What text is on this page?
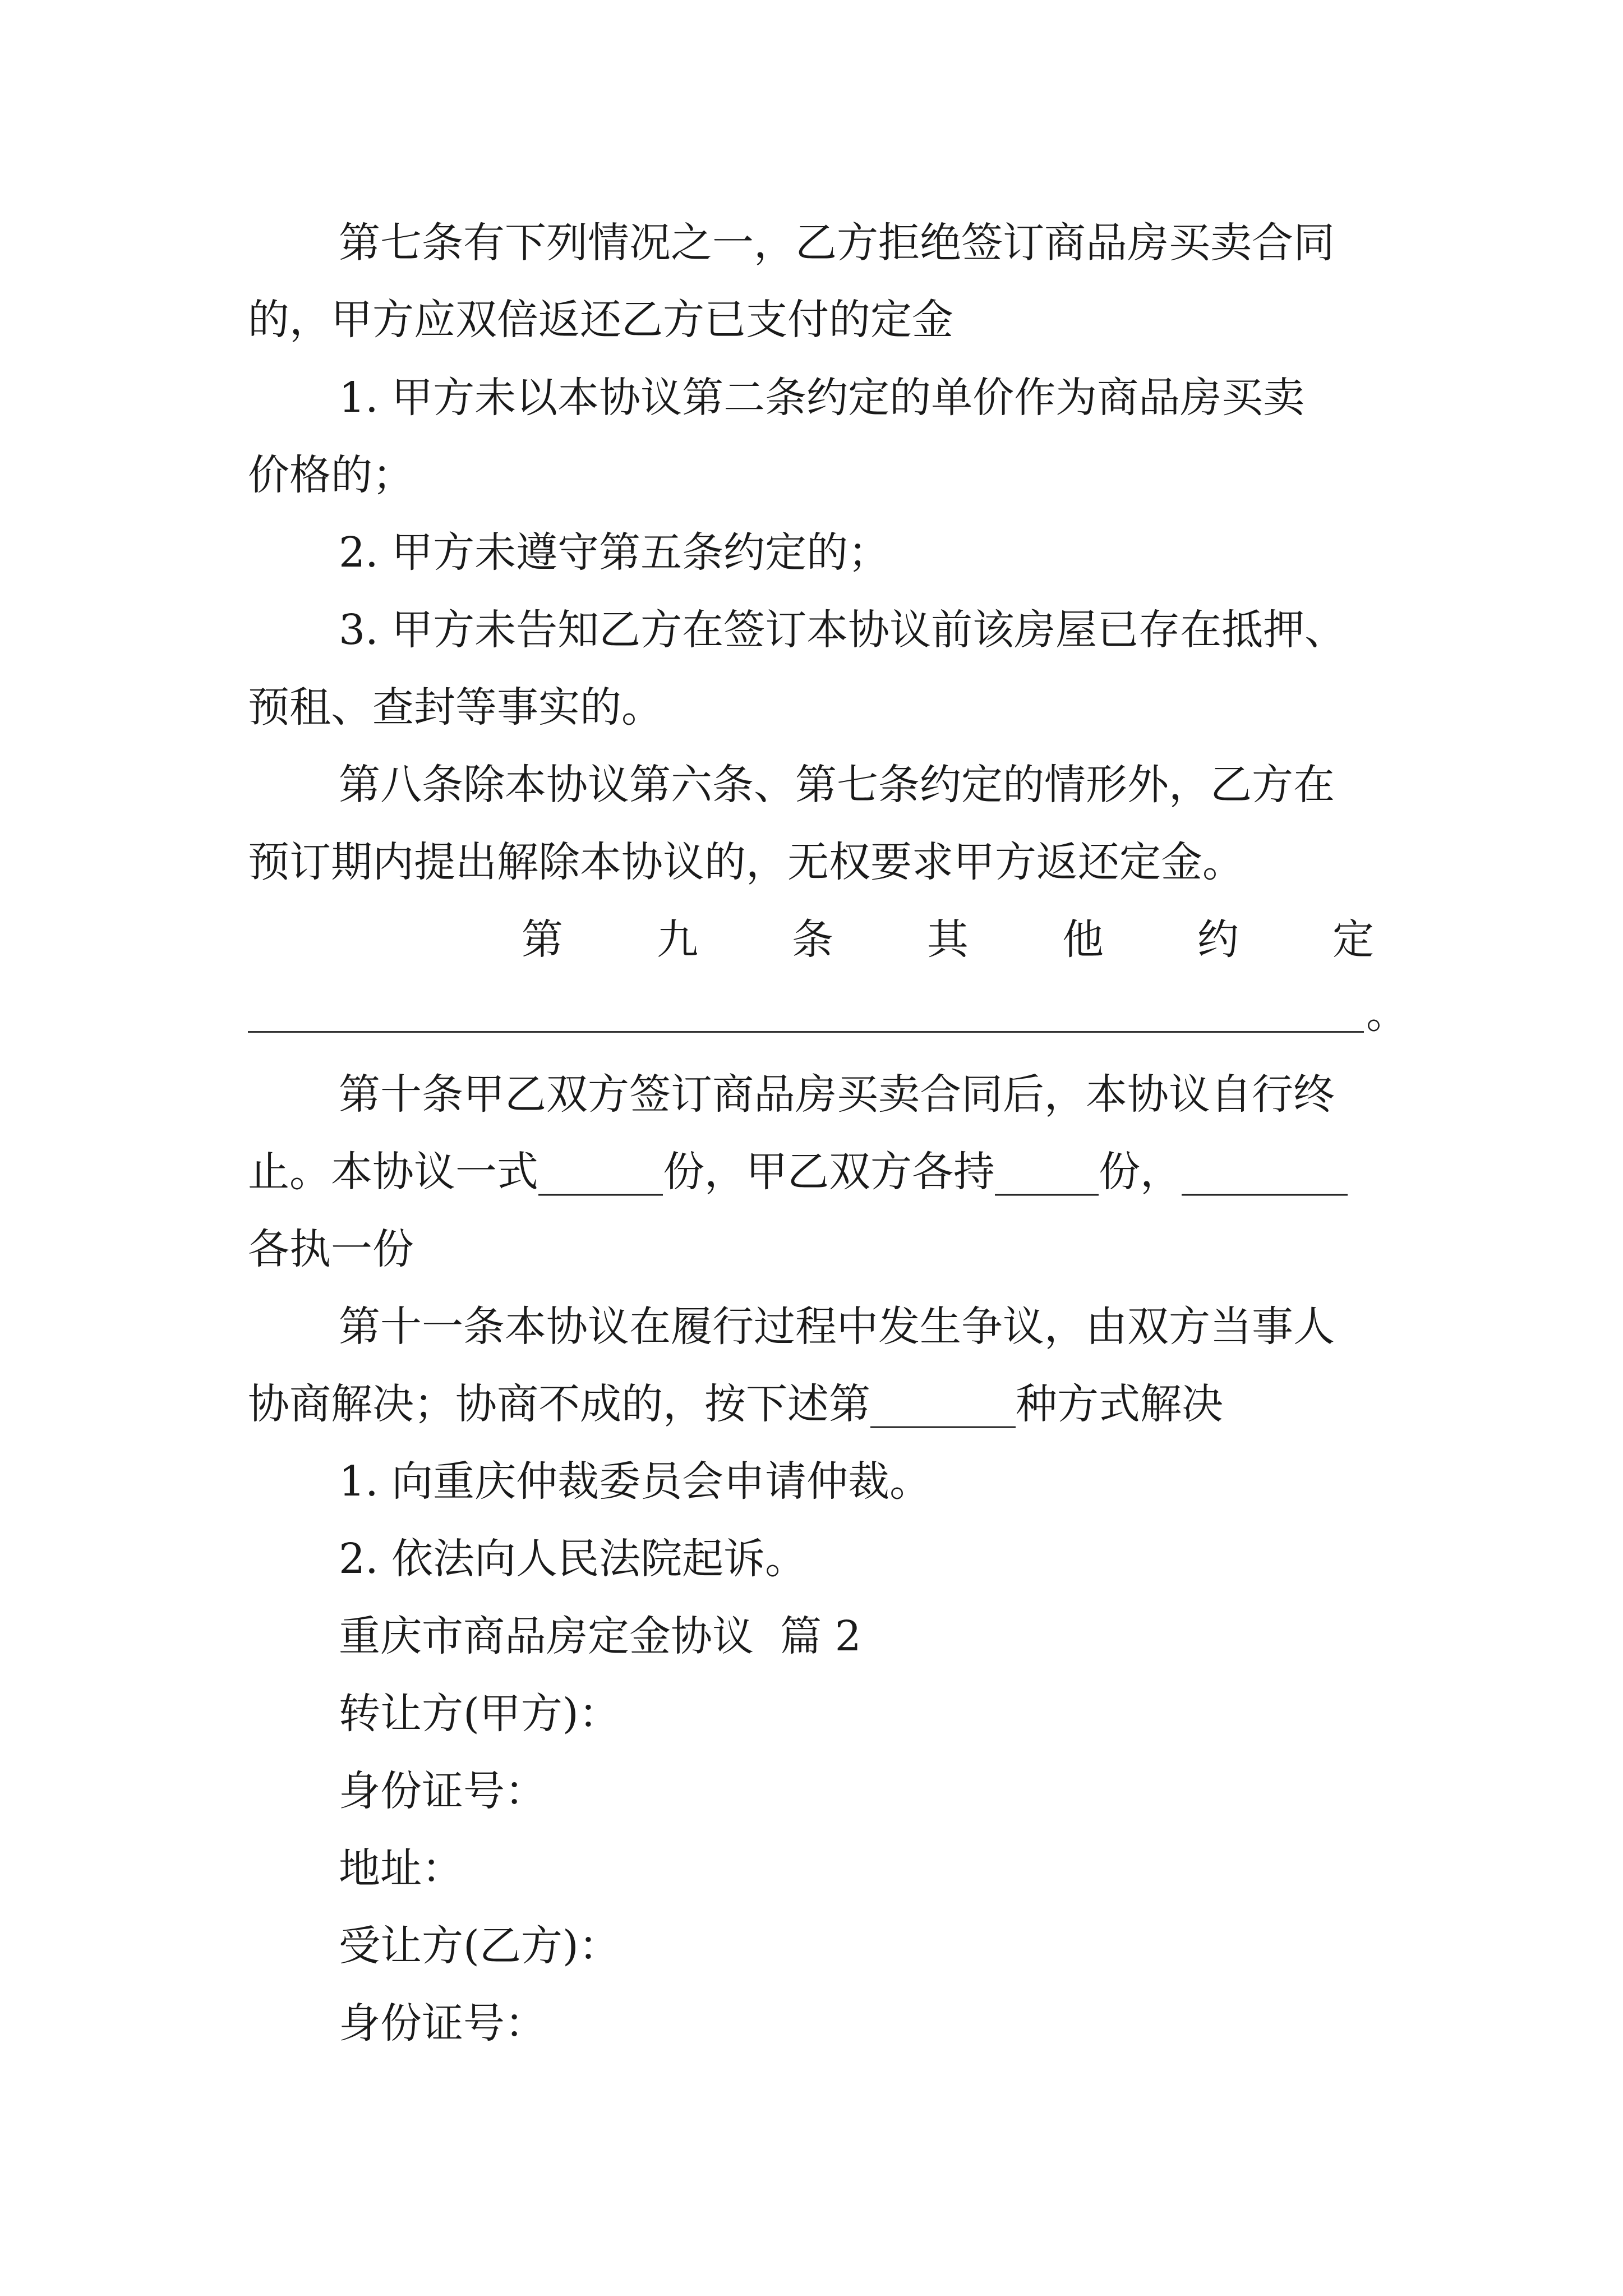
第七条有下列情况之一，乙方拒绝签订商品房买卖合同
的，甲方应双倍返还乙方已支付的定金
1. 甲方未以本协议第二条约定的单价作为商品房买卖
价格的；
2. 甲方未遵守第五条约定的；
3. 甲方未告知乙方在签订本协议前该房屋已存在抵押、
预租、查封等事实的。
第八条除本协议第六条、第七条约定的情形外，乙方在
预订期内提出解除本协议的，无权要求甲方返还定金。
第 九 条 其 他 约 定
。
第十条甲乙双方签订商品房买卖合同后，本协议自行终
止。本协议一式______份，甲乙双方各持_____份，________
各执一份
第十一条本协议在履行过程中发生争议，由双方当事人
协商解决；协商不成的，按下述第_______种方式解决
1. 向重庆仲裁委员会申请仲裁。
2. 依法向人民法院起诉。
重庆市商品房定金协议  篇 2
转让方(甲方)：
身份证号：
地址：
受让方(乙方)：
身份证号：
